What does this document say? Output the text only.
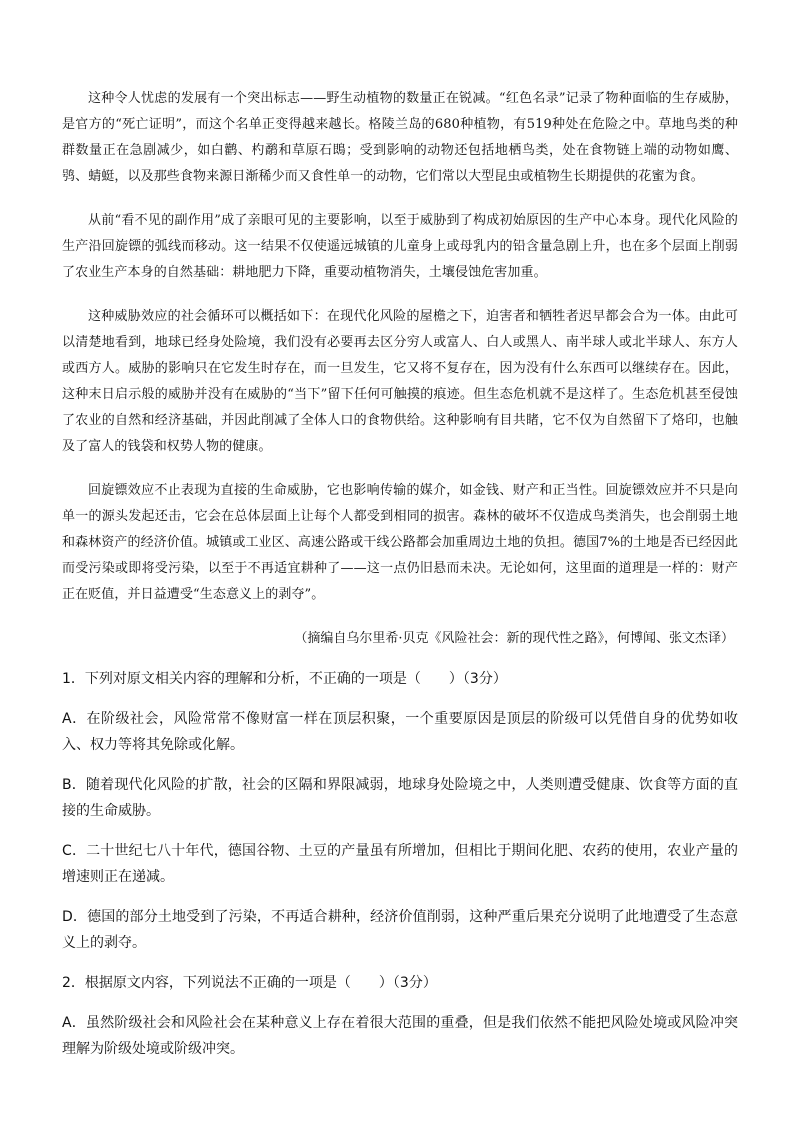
这种令人忧虑的发展有一个突出标志——野生动植物的数量正在锐减。“红色名录”记录了物种面临的生存威胁，是官方的“死亡证明”，而这个名单正变得越来越长。格陵兰岛的680种植物，有519种处在危险之中。草地鸟类的种群数量正在急剧减少，如白鹳、杓鹬和草原石鵖；受到影响的动物还包括地栖鸟类，处在食物链上端的动物如鹰、鸮、蜻蜓，以及那些食物来源日渐稀少而又食性单一的动物，它们常以大型昆虫或植物生长期提供的花蜜为食。

从前“看不见的副作用”成了亲眼可见的主要影响，以至于威胁到了构成初始原因的生产中心本身。现代化风险的生产沿回旋镖的弧线而移动。这一结果不仅使遥远城镇的儿童身上或母乳内的铅含量急剧上升，也在多个层面上削弱了农业生产本身的自然基础：耕地肥力下降，重要动植物消失，土壤侵蚀危害加重。

这种威胁效应的社会循环可以概括如下：在现代化风险的屋檐之下，迫害者和牺牲者迟早都会合为一体。由此可以清楚地看到，地球已经身处险境，我们没有必要再去区分穷人或富人、白人或黑人、南半球人或北半球人、东方人或西方人。威胁的影响只在它发生时存在，而一旦发生，它又将不复存在，因为没有什么东西可以继续存在。因此，这种末日启示般的威胁并没有在威胁的“当下”留下任何可触摸的痕迹。但生态危机就不是这样了。生态危机甚至侵蚀了农业的自然和经济基础，并因此削减了全体人口的食物供给。这种影响有目共睹，它不仅为自然留下了烙印，也触及了富人的钱袋和权势人物的健康。

回旋镖效应不止表现为直接的生命威胁，它也影响传输的媒介，如金钱、财产和正当性。回旋镖效应并不只是向单一的源头发起还击，它会在总体层面上让每个人都受到相同的损害。森林的破坏不仅造成鸟类消失，也会削弱土地和森林资产的经济价值。城镇或工业区、高速公路或干线公路都会加重周边土地的负担。德国7%的土地是否已经因此而受污染或即将受污染，以至于不再适宜耕种了——这一点仍旧悬而未决。无论如何，这里面的道理是一样的：财产正在贬值，并日益遭受“生态意义上的剥夺”。

（摘编自乌尔里希·贝克《风险社会：新的现代性之路》，何博闻、张文杰译）
1．下列对原文相关内容的理解和分析，不正确的一项是（　　）（3分）
A．在阶级社会，风险常常不像财富一样在顶层积聚，一个重要原因是顶层的阶级可以凭借自身的优势如收入、权力等将其免除或化解。
B．随着现代化风险的扩散，社会的区隔和界限减弱，地球身处险境之中，人类则遭受健康、饮食等方面的直接的生命威胁。
C．二十世纪七八十年代，德国谷物、土豆的产量虽有所增加，但相比于期间化肥、农药的使用，农业产量的增速则正在递减。
D．德国的部分土地受到了污染，不再适合耕种，经济价值削弱，这种严重后果充分说明了此地遭受了生态意义上的剥夺。
2．根据原文内容，下列说法不正确的一项是（　　）（3分）
A．虽然阶级社会和风险社会在某种意义上存在着很大范围的重叠，但是我们依然不能把风险处境或风险冲突理解为阶级处境或阶级冲突。
